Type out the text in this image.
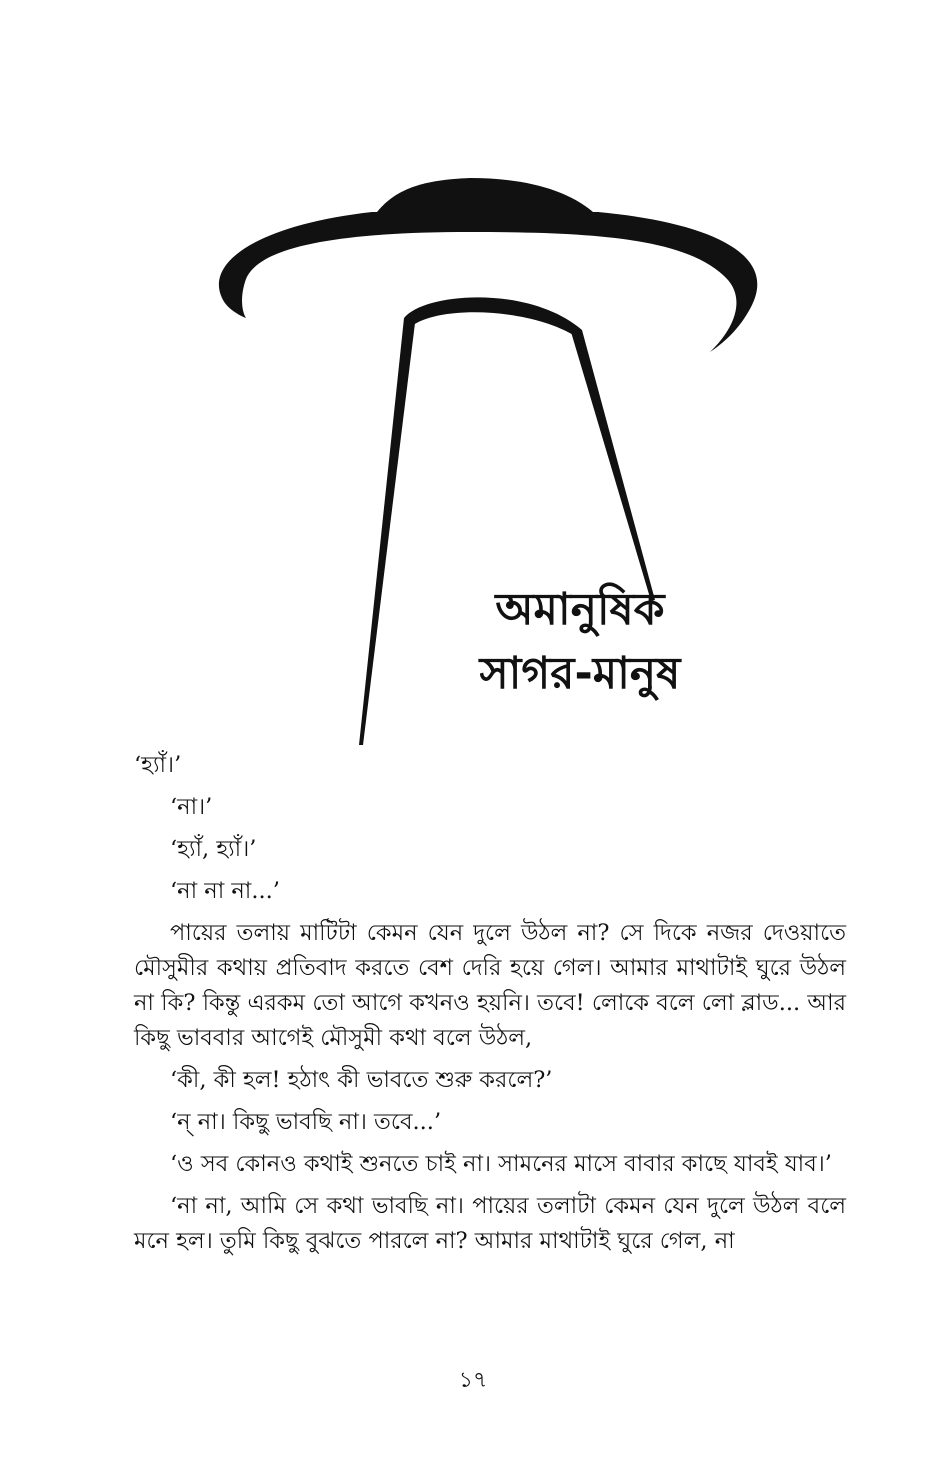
অমানুষিক
সাগর-মানুষ

‘হ্যাঁ।’

‘না।’

‘হ্যাঁ, হ্যাঁ।’

‘না না না...’

পায়ের তলায় মাটিটা কেমন যেন দুলে উঠল না? সে দিকে নজর দেওয়াতে মৌসুমীর কথায় প্রতিবাদ করতে বেশ দেরি হয়ে গেল। আমার মাথাটাই ঘুরে উঠল না কি? কিন্তু এরকম তো আগে কখনও হয়নি। তবে! লোকে বলে লো ব্লাড... আর কিছু ভাববার আগেই মৌসুমী কথা বলে উঠল,

‘কী, কী হল! হঠাৎ কী ভাবতে শুরু করলে?’

‘ন্ না। কিছু ভাবছি না। তবে...’

‘ও সব কোনও কথাই শুনতে চাই না। সামনের মাসে বাবার কাছে যাবই যাব।’

‘না না, আমি সে কথা ভাবছি না। পায়ের তলাটা কেমন যেন দুলে উঠল বলে মনে হল। তুমি কিছু বুঝতে পারলে না? আমার মাথাটাই ঘুরে গেল, না

১৭
